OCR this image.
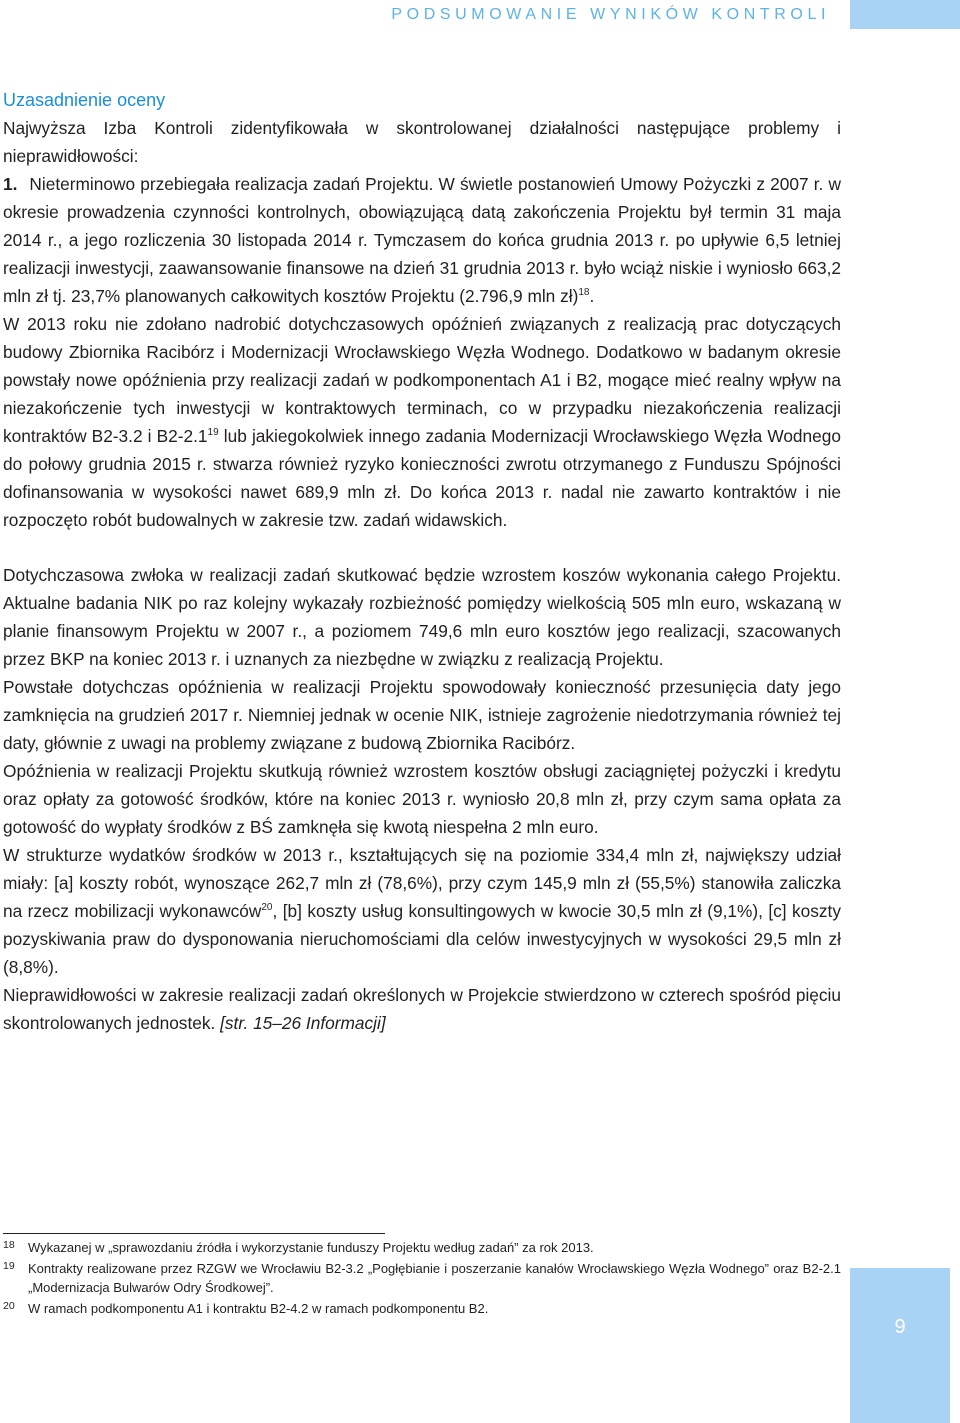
PODSUMOWANIE WYNIKÓW KONTROLI
Uzasadnienie oceny

Najwyższa Izba Kontroli zidentyfikowała w skontrolowanej działalności następujące problemy i nieprawidłowości:

1. Nieterminowo przebiegała realizacja zadań Projektu. W świetle postanowień Umowy Pożyczki z 2007 r. w okresie prowadzenia czynności kontrolnych, obowiązującą datą zakończenia Projektu był termin 31 maja 2014 r., a jego rozliczenia 30 listopada 2014 r. Tymczasem do końca grudnia 2013 r. po upływie 6,5 letniej realizacji inwestycji, zaawansowanie finansowe na dzień 31 grudnia 2013 r. było wciąż niskie i wyniosło 663,2 mln zł tj. 23,7% planowanych całkowitych kosztów Projektu (2.796,9 mln zł)$^{18}$.

W 2013 roku nie zdołano nadrobić dotychczasowych opóźnień związanych z realizacją prac dotyczących budowy Zbiornika Racibórz i Modernizacji Wrocławskiego Węzła Wodnego. Dodatkowo w badanym okresie powstały nowe opóźnienia przy realizacji zadań w podkomponentach A1 i B2, mogące mieć realny wpływ na niezakończenie tych inwestycji w kontraktowych terminach, co w przypadku niezakończenia realizacji kontraktów B2-3.2 i $B2-2.1^{19}$ lub jakiegokolwiek innego zadania Modernizacji Wrocławskiego Węzła Wodnego do połowy grudnia 2015 r. stwarza również ryzyko konieczności zwrotu otrzymanego z Funduszu Spójności dofinansowania w wysokości nawet 689,9 mln zł. Do końca 2013 r. nadal nie zawarto kontraktów i nie rozpoczęto robót budowalnych w zakresie tzw. zadań widawskich.

Dotychczasowa zwłoka w realizacji zadań skutkować będzie wzrostem koszów wykonania całego Projektu. Aktualne badania NIK po raz kolejny wykazały rozbieżność pomiędzy wielkością 505 mln euro, wskazaną w planie finansowym Projektu w 2007 r., a poziomem 749,6 mln euro kosztów jego realizacji, szacowanych przez BKP na koniec 2013 r. i uznanych za niezbędne w związku z realizacją Projektu.

Powstałe dotychczas opóźnienia w realizacji Projektu spowodowały konieczność przesunięcia daty jego zamknięcia na grudzień 2017 r. Niemniej jednak w ocenie NIK, istnieje zagrożenie niedotrzymania również tej daty, głównie z uwagi na problemy związane z budową Zbiornika Racibórz.

Opóźnienia w realizacji Projektu skutkują również wzrostem kosztów obsługi zaciągniętej pożyczki i kredytu oraz opłaty za gotowość środków, które na koniec 2013 r. wyniosło 20,8 mln zł, przy czym sama opłata za gotowość do wypłaty środków z BŚ zamknęła się kwotą niespełna 2 mln euro.

W strukturze wydatków środków w 2013 r., kształtujących się na poziomie 334,4 mln zł, największy udział miały: [a] koszty robót, wynoszące 262,7 mln zł (78,6%), przy czym 145,9 mln zł (55,5%) stanowiła zaliczka na rzecz mobilizacji wykonawców$^{20}$, [b] koszty usług konsultingowych w kwocie 30,5 mln zł (9,1%), [c] koszty pozyskiwania praw do dysponowania nieruchomościami dla celów inwestycyjnych w wysokości 29,5 mln zł (8,8%).

Nieprawidłowości w zakresie realizacji zadań określonych w Projekcie stwierdzono w czterech spośród pięciu skontrolowanych jednostek. [str. 15–26 Informacji]

18	Wykazanej w „sprawozdaniu źródła i wykorzystanie funduszy Projektu według zadań” za rok 2013.
19	Kontrakty realizowane przez RZGW we Wrocławiu B2-3.2 „Pogłębianie i poszerzanie kanałów Wrocławskiego Węzła Wodnego” oraz B2-2.1 „Modernizacja Bulwarów Odry Środkowej”.
20	W ramach podkomponentu A1 i kontraktu B2-4.2 w ramach podkomponentu B2.
9
